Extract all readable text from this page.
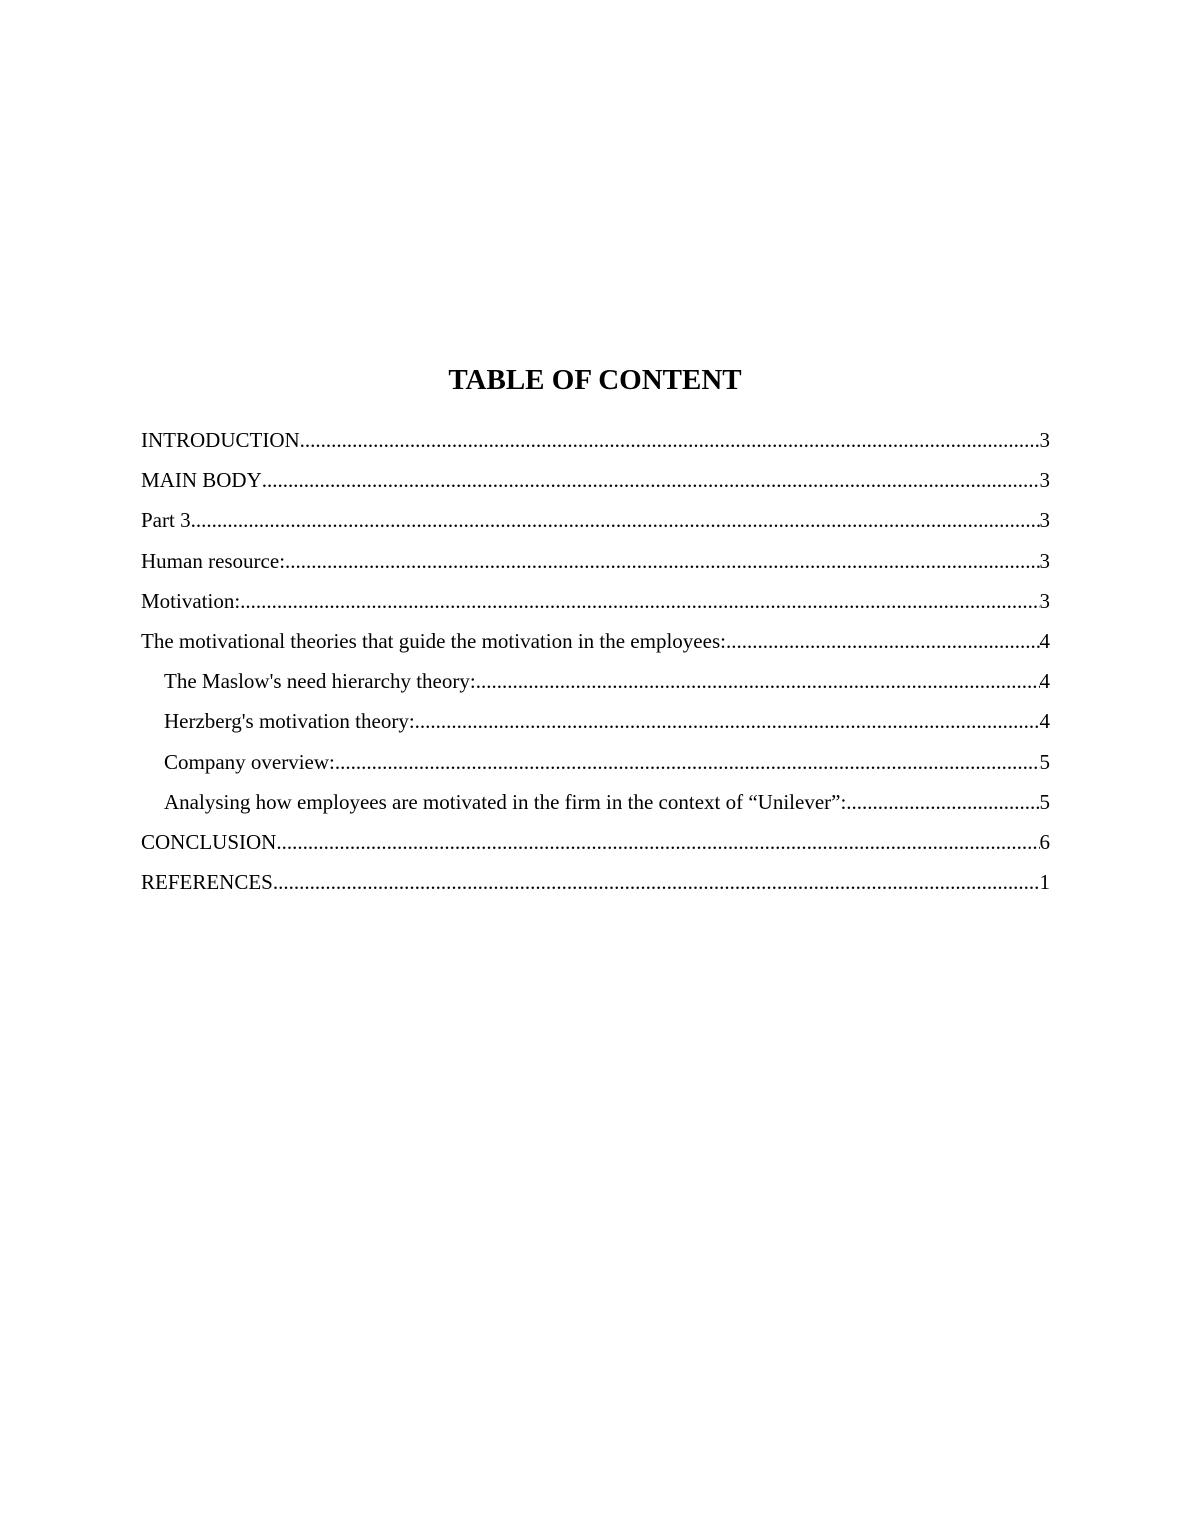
TABLE OF CONTENT
INTRODUCTION .....	3
MAIN BODY .....	3
Part 3 .....	3
Human resource: .....	3
Motivation: .....	3
The motivational theories that guide the motivation in the employees: .....	4
The Maslow's need hierarchy theory: .....	4
Herzberg's motivation theory: .....	4
Company overview: .....	5
Analysing how employees are motivated in the firm in the context of “Unilever”: .....	5
CONCLUSION .....	6
REFERENCES .....	1
